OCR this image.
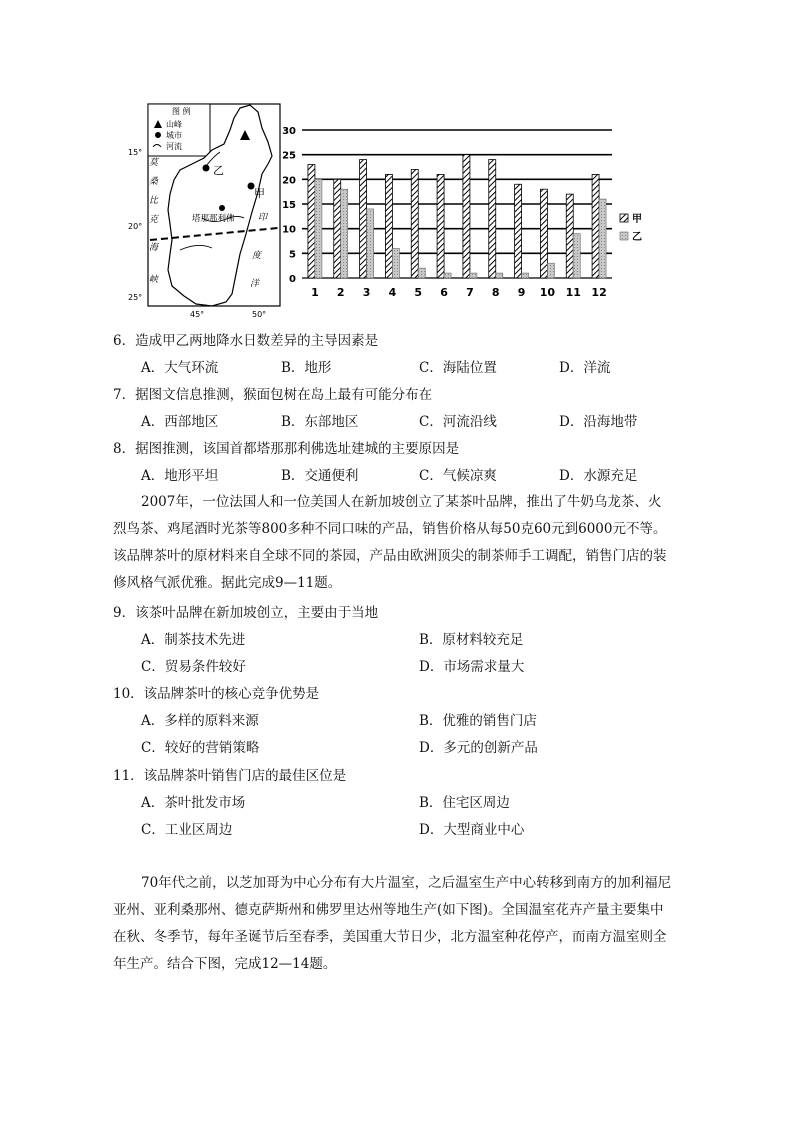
图 例
山峰
城市
河流
乙
甲
塔那那利佛
15°
20°
25°
45°	50°
莫
桑
比
克
海
峡
印
度
洋	0
5
10
15
20
25
30
1 2 3 4 5 6 7 8 9 10 11 12
甲
乙
6．造成甲乙两地降水日数差异的主导因素是
A．大气环流	B．地形	C．海陆位置	D．洋流
7．据图文信息推测，猴面包树在岛上最有可能分布在
A．西部地区	B．东部地区	C．河流沿线	D．沿海地带
8．据图推测，该国首都塔那那利佛选址建城的主要原因是
A．地形平坦	B．交通便利	C．气候凉爽	D．水源充足
2007年，一位法国人和一位美国人在新加坡创立了某茶叶品牌，推出了牛奶乌龙茶、火烈鸟茶、鸡尾酒时光茶等800多种不同口味的产品，销售价格从每50克60元到6000元不等。该品牌茶叶的原材料来自全球不同的茶园，产品由欧洲顶尖的制茶师手工调配，销售门店的装修风格气派优雅。据此完成9—11题。
9．该茶叶品牌在新加坡创立，主要由于当地
A．制茶技术先进	B．原材料较充足
C．贸易条件较好	D．市场需求量大
10．该品牌茶叶的核心竞争优势是
A．多样的原料来源	B．优雅的销售门店
C．较好的营销策略	D．多元的创新产品
11．该品牌茶叶销售门店的最佳区位是
A．茶叶批发市场	B．住宅区周边
C．工业区周边	D．大型商业中心
70年代之前，以芝加哥为中心分布有大片温室，之后温室生产中心转移到南方的加利福尼亚州、亚利桑那州、德克萨斯州和佛罗里达州等地生产(如下图)。全国温室花卉产量主要集中在秋、冬季节，每年圣诞节后至春季，美国重大节日少，北方温室种花停产，而南方温室则全年生产。结合下图，完成12—14题。
